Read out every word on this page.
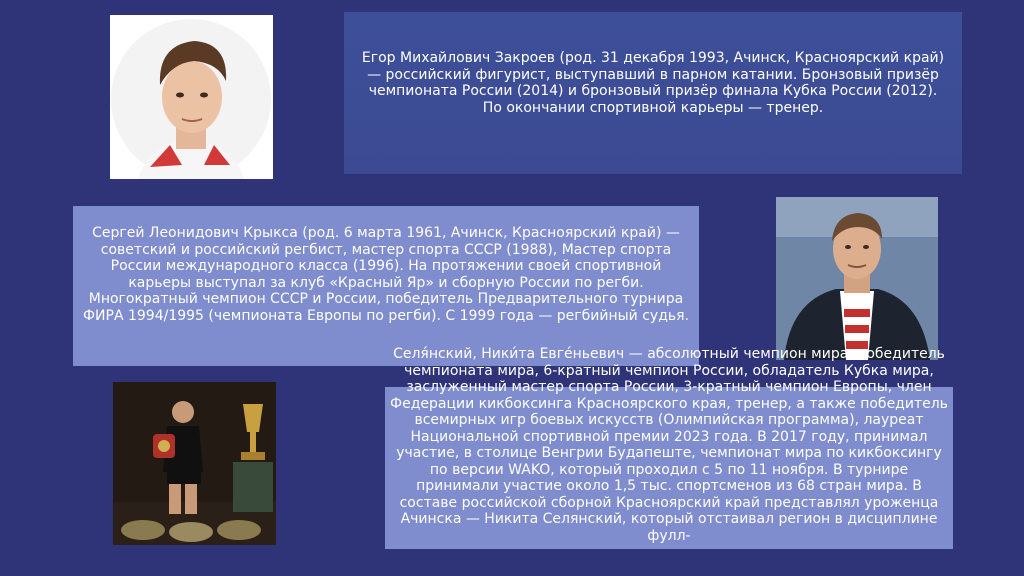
Егор Михайлович Закроев (род. 31 декабря 1993, Ачинск, Красноярский край) — российский фигурист, выступавший в парном катании. Бронзовый призёр чемпионата России (2014) и бронзовый призёр финала Кубка России (2012). По окончании спортивной карьеры — тренер.
Сергей Леонидович Крыкса (род. 6 марта 1961, Ачинск, Красноярский край) — советский и российский регбист, мастер спорта СССР (1988), Мастер спорта России международного класса (1996). На протяжении своей спортивной карьеры выступал за клуб «Красный Яр» и сборную России по регби. Многократный чемпион СССР и России, победитель Предварительного турнира ФИРА 1994/1995 (чемпионата Европы по регби). С 1999 года — регбийный судья.
Селя́нский, Ники́та Евге́ньевич — абсолютный чемпион мира, победитель чемпионата мира, 6-кратный чемпион России, обладатель Кубка мира, заслуженный мастер спорта России, 3-кратный чемпион Европы, член Федерации кикбоксинга Красноярского края, тренер, а также победитель всемирных игр боевых искусств (Олимпийская программа), лауреат Национальной спортивной премии 2023 года. В 2017 году, принимал участие, в столице Венгрии Будапеште, чемпионат мира по кикбоксингу по версии WAKO, который проходил с 5 по 11 ноября. В турнире принимали участие около 1,5 тыс. спортсменов из 68 стран мира. В составе российской сборной Красноярский край представлял уроженца Ачинска — Никита Селянский, который отстаивал регион в дисциплине фулл-
